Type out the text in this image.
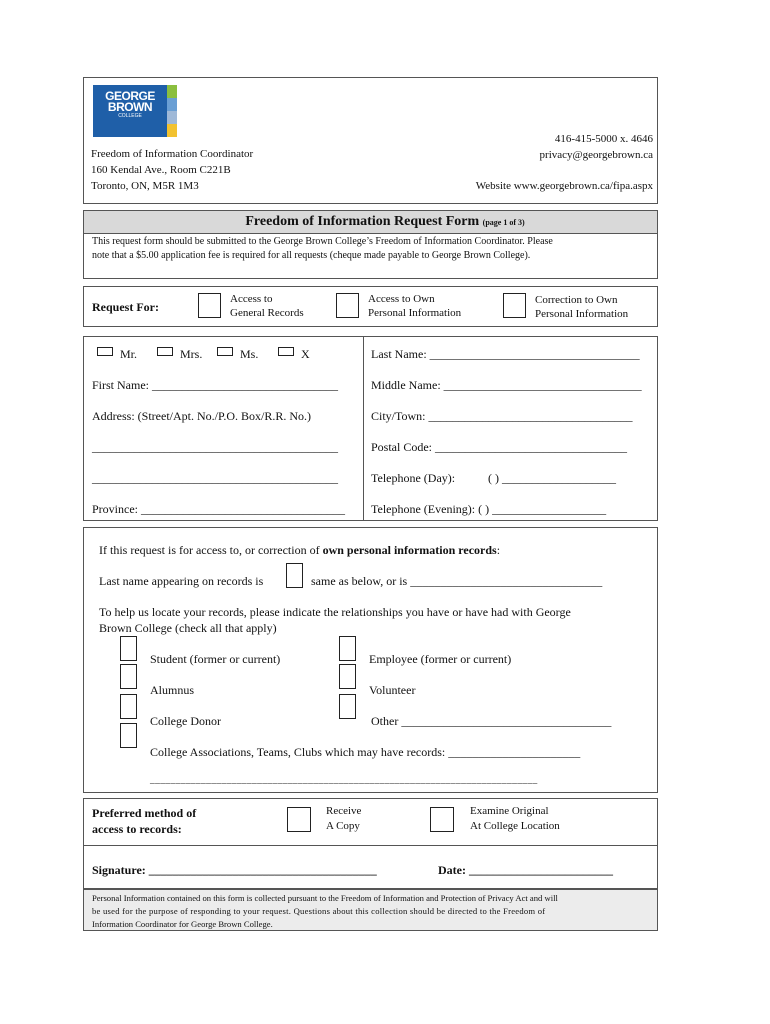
GEORGE
BROWN
COLLEGE
Freedom of Information Coordinator
160 Kendal Ave., Room C221B
Toronto, ON, M5R 1M3
416-415-5000 x. 4646
privacy@georgebrown.ca
Website www.georgebrown.ca/fipa.aspx
Freedom of Information Request Form (page 1 of 3)
This request form should be submitted to the George Brown College’s Freedom of Information Coordinator. Please
note that a $5.00 application fee is required for all requests (cheque made payable to George Brown College).
Request For:
Access to
General Records
Access to Own
Personal Information
Correction to Own
Personal Information
Mr.	Mrs.	Ms.	X	Last Name: ___________________________________
First Name: _______________________________	Middle Name: _________________________________
Address: (Street/Apt. No./P.O. Box/R.R. No.)	City/Town: __________________________________
_________________________________________	Postal Code: ________________________________
_________________________________________	Telephone (Day):	( ) ___________________
Province: __________________________________ Telephone (Evening): ( ) ___________________
If this request is for access to, or correction of own personal information records:
Last name appearing on records is	same as below, or is ________________________________
To help us locate your records, please indicate the relationships you have or have had with George
Brown College (check all that apply)
Student (former or current)	Employee (former or current)
Alumnus	Volunteer
College Donor	Other ___________________________________
College Associations, Teams, Clubs which may have records: ______________________
____________________________________________________________________________
Preferred method of
access to records:
Receive
A Copy
Examine Original
At College Location
Signature: ______________________________________	Date: ________________________
Personal Information contained on this form is collected pursuant to the Freedom of Information and Protection of Privacy Act and will
be used for the purpose of responding to your request. Questions about this collection should be directed to the Freedom of
Information Coordinator for George Brown College.
